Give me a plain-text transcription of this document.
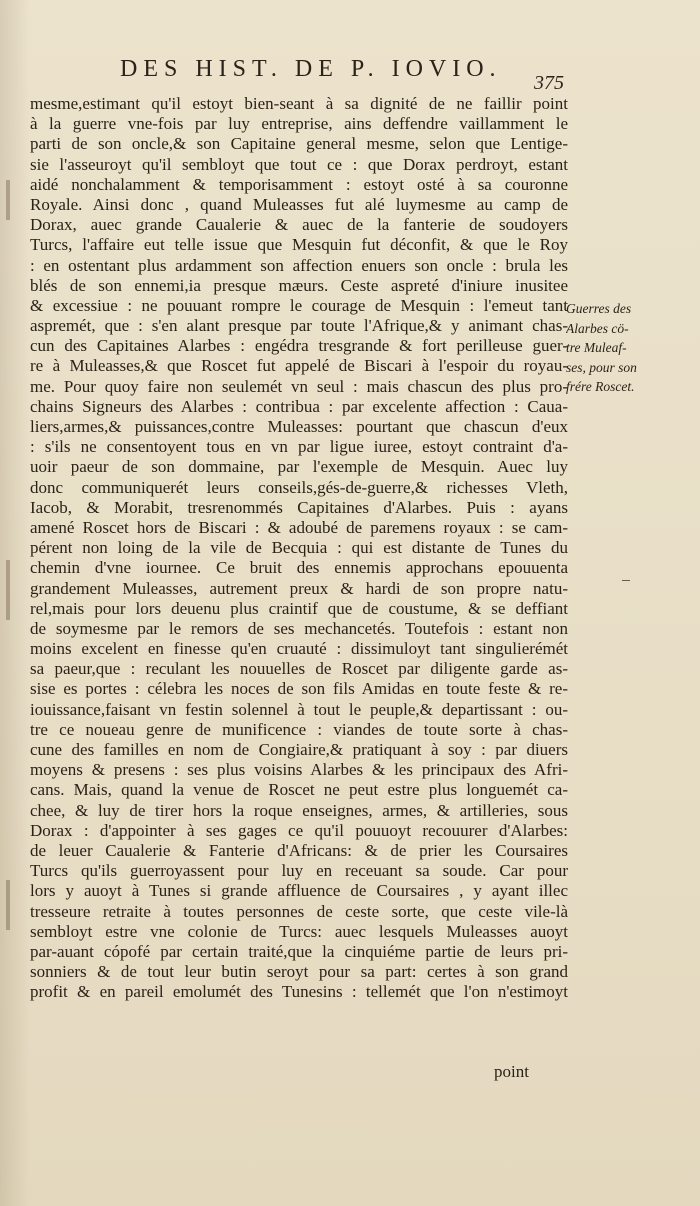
DES HIST. DE P. IOVIO.
375
mesme,estimant qu'il estoyt bien-seant à sa dignité de ne faillir point
à la guerre vne-fois par luy entreprise, ains deffendre vaillamment le
parti de son oncle,& son Capitaine general mesme, selon que Lentige-
sie l'asseuroyt qu'il sembloyt que tout ce : que Dorax perdroyt, estant
aidé nonchalamment & temporisamment : estoyt osté à sa couronne
Royale. Ainsi donc , quand Muleasses fut alé luymesme au camp de
Dorax, auec grande Caualerie & auec de la fanterie de soudoyers
Turcs, l'affaire eut telle issue que Mesquin fut déconfit, & que le Roy
: en ostentant plus ardamment son affection enuers son oncle : brula les
blés de son ennemi,ia presque mæurs. Ceste aspreté d'iniure inusitee
& excessiue : ne pouuant rompre le courage de Mesquin : l'emeut tant
aspremét, que : s'en alant presque par toute l'Afrique,& y animant chas-
cun des Capitaines Alarbes : engédra tresgrande & fort perilleuse guer-
re à Muleasses,& que Roscet fut appelé de Biscari à l'espoir du royau-
me. Pour quoy faire non seulemét vn seul : mais chascun des plus pro-
chains Signeurs des Alarbes : contribua : par excelente affection : Caua-
liers,armes,& puissances,contre Muleasses: pourtant que chascun d'eux
: s'ils ne consentoyent tous en vn par ligue iuree, estoyt contraint d'a-
uoir paeur de son dommaine, par l'exemple de Mesquin. Auec luy
donc communiquerét leurs conseils,gés-de-guerre,& richesses Vleth,
Iacob, & Morabit, tresrenommés Capitaines d'Alarbes. Puis : ayans
amené Roscet hors de Biscari : & adoubé de paremens royaux : se cam-
pérent non loing de la vile de Becquia : qui est distante de Tunes du
chemin d'vne iournee. Ce bruit des ennemis approchans epouuenta
grandement Muleasses, autrement preux & hardi de son propre natu-
rel,mais pour lors deuenu plus craintif que de coustume, & se deffiant
de soymesme par le remors de ses mechancetés. Toutefois : estant non
moins excelent en finesse qu'en cruauté : dissimuloyt tant singulierémét
sa paeur,que : reculant les nouuelles de Roscet par diligente garde as-
sise es portes : célebra les noces de son fils Amidas en toute feste & re-
iouissance,faisant vn festin solennel à tout le peuple,& departissant : ou-
tre ce noueau genre de munificence : viandes de toute sorte à chas-
cune des familles en nom de Congiaire,& pratiquant à soy : par diuers
moyens & presens : ses plus voisins Alarbes & les principaux des Afri-
cans. Mais, quand la venue de Roscet ne peut estre plus longuemét ca-
chee, & luy de tirer hors la roque enseignes, armes, & artilleries, sous
Dorax : d'appointer à ses gages ce qu'il pouuoyt recouurer d'Alarbes:
de leuer Caualerie & Fanterie d'Africans: & de prier les Coursaires
Turcs qu'ils guerroyassent pour luy en receuant sa soude. Car pour
lors y auoyt à Tunes si grande affluence de Coursaires , y ayant illec
tresseure retraite à toutes personnes de ceste sorte, que ceste vile-là
sembloyt estre vne colonie de Turcs: auec lesquels Muleasses auoyt
par-auant cópofé par certain traité,que la cinquiéme partie de leurs pri-
sonniers & de tout leur butin seroyt pour sa part: certes à son grand
profit & en pareil emolumét des Tunesins : tellemét que l'on n'estimoyt
Guerres des
Alarbes cö-
tre Muleaf-
ses, pour son
frére Roscet.
point
